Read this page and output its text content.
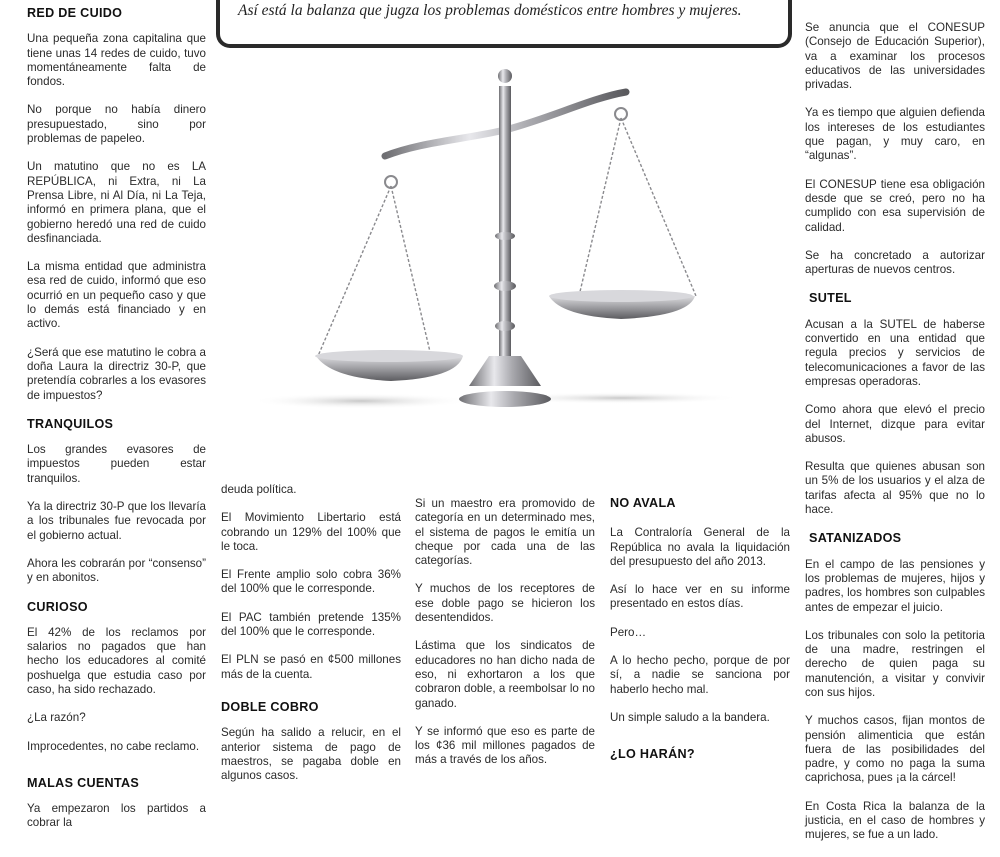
Así está la balanza que jugza los problemas domésticos entre hombres y mujeres.
RED DE CUIDO

Una pequeña zona capitalina que tiene unas 14 redes de cuido, tuvo momentáneamente falta de fondos.

No porque no había dinero presupuestado, sino por problemas de papeleo.

Un matutino que no es LA REPÚBLICA, ni Extra, ni La Prensa Libre, ni Al Día, ni La Teja, informó en primera plana, que el gobierno heredó una red de cuido desfinanciada.

La misma entidad que administra esa red de cuido, informó que eso ocurrió en un pequeño caso y que lo demás está financiado y en activo.

¿Será que ese matutino le cobra a doña Laura la directriz 30-P, que pretendía cobrarles a los evasores de impuestos?

TRANQUILOS

Los grandes evasores de impuestos pueden estar tranquilos.

Ya la directriz 30-P que los llevaría a los tribunales fue revocada por el gobierno actual.

Ahora les cobrarán por “consenso” y en abonitos.

CURIOSO

El 42% de los reclamos por salarios no pagados que han hecho los educadores al comité poshuelga que estudia caso por caso, ha sido rechazado.

¿La razón?

Improcedentes, no cabe reclamo.

MALAS CUENTAS

Ya empezaron los partidos a cobrar la

deuda política.

El Movimiento Libertario está cobrando un 129% del 100% que le toca.

El Frente amplio solo cobra 36% del 100% que le corresponde.

El PAC también pretende 135% del 100% que le corresponde.

El PLN se pasó en ¢500 millones más de la cuenta.

DOBLE COBRO

Según ha salido a relucir, en el anterior sistema de pago de maestros, se pagaba doble en algunos casos.

Si un maestro era promovido de categoría en un determinado mes, el sistema de pagos le emitía un cheque por cada una de las categorías.

Y muchos de los receptores de ese doble pago se hicieron los desentendidos.

Lástima que los sindicatos de educadores no han dicho nada de eso, ni exhortaron a los que cobraron doble, a reembolsar lo no ganado.

Y se informó que eso es parte de los ¢36 mil millones pagados de más a través de los años.

NO AVALA

La Contraloría General de la República no avala la liquidación del presupuesto del año 2013.

Así lo hace ver en su informe presentado en estos días.

Pero…

A lo hecho pecho, porque de por sí, a nadie se sanciona por haberlo hecho mal.

Un simple saludo a la bandera.

¿LO HARÁN?

Se anuncia que el CONESUP (Consejo de Educación Superior), va a examinar los procesos educativos de las universidades privadas.

Ya es tiempo que alguien defienda los intereses de los estudiantes que pagan, y muy caro, en “algunas”.

El CONESUP tiene esa obligación desde que se creó, pero no ha cumplido con esa supervisión de calidad.

Se ha concretado a autorizar aperturas de nuevos centros.

SUTEL

Acusan a la SUTEL de haberse convertido en una entidad que regula precios y servicios de telecomunicaciones a favor de las empresas operadoras.

Como ahora que elevó el precio del Internet, dizque para evitar abusos.

Resulta que quienes abusan son un 5% de los usuarios y el alza de tarifas afecta al 95% que no lo hace.

SATANIZADOS

En el campo de las pensiones y los problemas de mujeres, hijos y padres, los hombres son culpables antes de empezar el juicio.

Los tribunales con solo la petitoria de una madre, restringen el derecho de quien paga su manutención, a visitar y convivir con sus hijos.

Y muchos casos, fijan montos de pensión alimenticia que están fuera de las posibilidades del padre, y como no paga la suma caprichosa, pues ¡a la cárcel!

En Costa Rica la balanza de la justicia, en el caso de hombres y mujeres, se fue a un lado.
